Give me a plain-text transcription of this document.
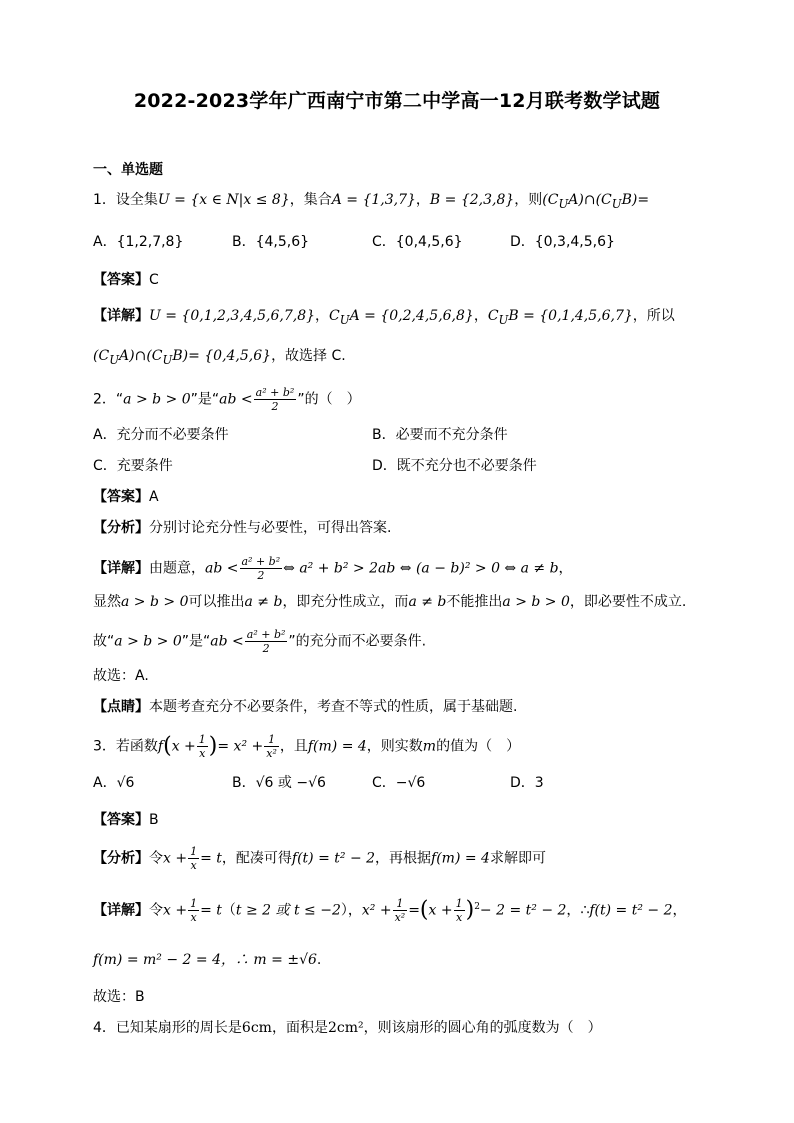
2022-2023学年广西南宁市第二中学高一12月联考数学试题
一、单选题
1．设全集U = {x ∈ N|x ≤ 8}，集合A = {1,3,7}，B = {2,3,8}，则$(C_UA)\cap(C_UB)=$
A．{1,2,7,8}	B．{4,5,6}	C．{0,4,5,6}	D．{0,3,4,5,6}
【答案】C
【详解】U = {0,1,2,3,4,5,6,7,8}，$C_UA = \{0,2,4,5,6,8\}$，$C_UB = \{0,1,4,5,6,7\}$，所以
$(C_UA)\cap(C_UB)= \{0,4,5,6\}$，故选择 C.
2．“a > b > 0”是“ab < $\frac{\text{a² + b²}}{2}$ ”的（　）
A．充分而不必要条件	B．必要而不充分条件
C．充要条件	D．既不充分也不必要条件
【答案】A
【分析】分别讨论充分性与必要性，可得出答案.
【详解】由题意，ab < $\frac{\text{a² + b²}}{2}$ ⇔ a² + b² > 2ab ⇔ (a − b)² > 0 ⇔ a ≠ b，
显然a > b > 0可以推出a ≠ b，即充分性成立，而a ≠ b不能推出a > b > 0，即必要性不成立.
故“a > b > 0”是“ab < $\frac{\text{a² + b²}}{2}$ ”的充分而不必要条件.
故选：A.
【点睛】本题考查充分不必要条件，考查不等式的性质，属于基础题.
3．若函数$f(x + \frac{1}{x}$ )= $x^2 + \frac{1}{\text{x²}}$ ，且f(m) = 4，则实数m的值为（　）
A．√6	B．√6 或 −√6	C．−√6	D．3
【答案】B
【分析】令$x + \frac{1}{x} = t$，配凑可得f(t) = t² − 2，再根据f(m) = 4求解即可
【详解】令$x + \frac{1}{x} = t(t \ge 2$ 或 t ≤ −2），$x^2 + \frac{1}{\text{x²}} =(x + \frac{1}{x} )^2- 2 = t^2 - 2$，∴f(t) = t² − 2，
f(m) = m² − 2 = 4，∴ m = ±√6.
故选：B
4．已知某扇形的周长是6cm，面积是2cm²，则该扇形的圆心角的弧度数为（　）
